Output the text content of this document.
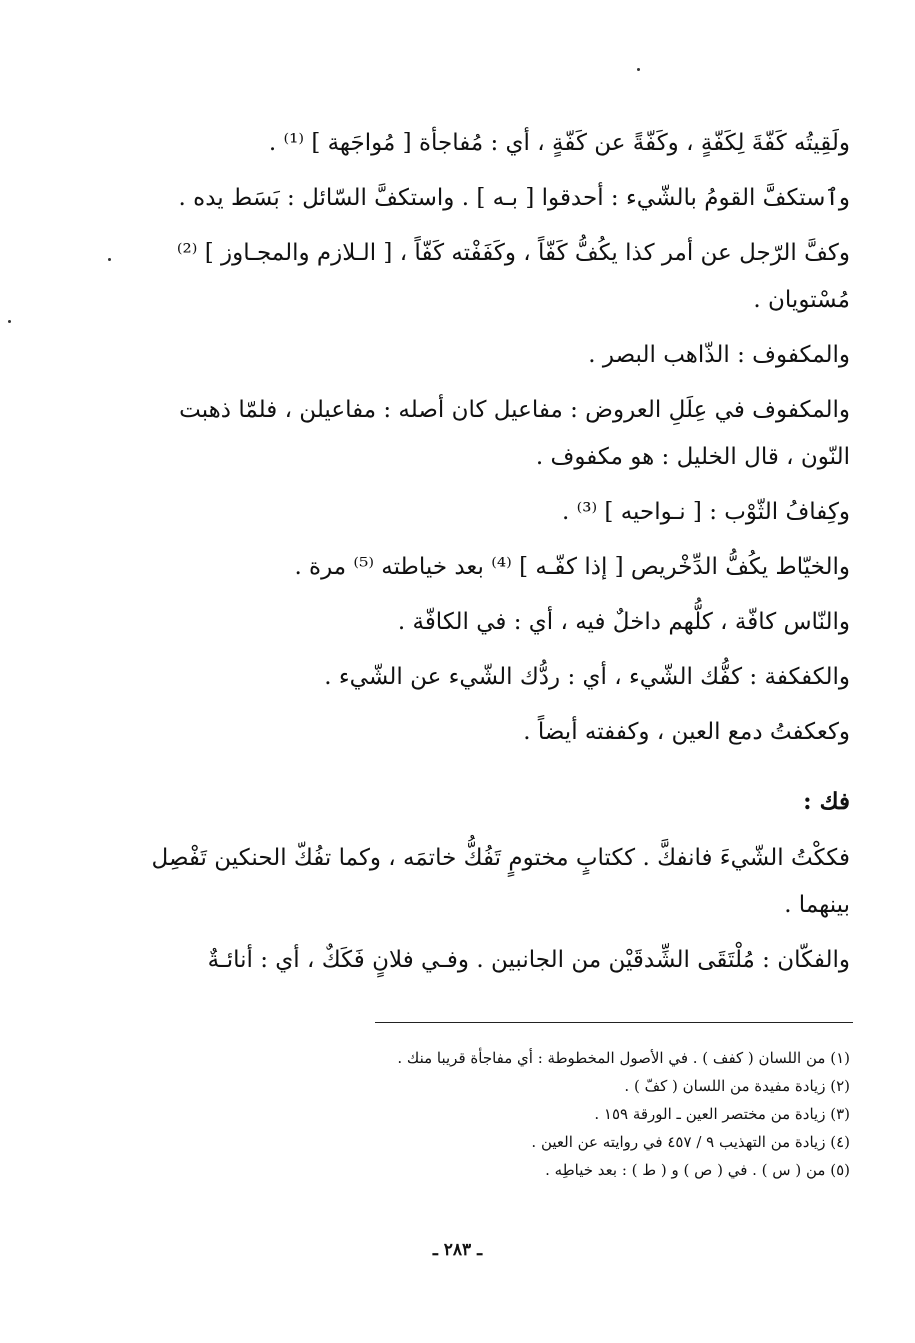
ولَقِيتُه كَفّةَ لِكَفّةٍ ، وكَفّةً عن كَفّةٍ ، أي : مُفاجأة [ مُواجَهة ] ⁽¹⁾ .

وٱستكفَّ القومُ بالشّيء : أحدقوا [ بـه ] . واستكفَّ السّائل : بَسَط يده .

وكفَّ الرّجل عن أمر كذا يكُفُّ كَفّاً ، وكَفَفْته كَفّاً ، [ الـلازم والمجـاوز ] ⁽²⁾ مُسْتويان .

والمكفوف : الذّاهب البصر .

والمكفوف في عِلَلِ العروض : مفاعيل كان أصله : مفاعيلن ، فلمّا ذهبت النّون ، قال الخليل : هو مكفوف .

وكِفافُ الثّوْب : [ نـواحيه ] ⁽³⁾ .

والخيّاط يكُفُّ الدِّخْريص [ إذا كفّـه ] ⁽⁴⁾ بعد خياطته ⁽⁵⁾ مرة .

والنّاس كافّة ، كلُّهم داخلٌ فيه ، أي : في الكافّة .

والكفكفة : كفُّك الشّيء ، أي : ردُّك الشّيء عن الشّيء .

وكعكفتُ دمع العين ، وكففته أيضاً .

فك :

فككْتُ الشّيءَ فانفكَّ . ككتابٍ مختومٍ تَفُكُّ خاتمَه ، وكما تفُكّ الحنكين تَفْصِل بينهما .

والفكّان : مُلْتَقَى الشِّدقَيْن من الجانبين . وفـي فلانٍ فَكَكٌ ، أي : أنائـةٌ

(١) من اللسان ( كفف ) . في الأصول المخطوطة : أي مفاجأة قريبا منك .

(٢) زيادة مفيدة من اللسان ( كفّ ) .

(٣) زيادة من مختصر العين ـ الورقة ١٥٩ .

(٤) زيادة من التهذيب ٩ / ٤٥٧ في روايته عن العين .

(٥) من ( س ) . في ( ص ) و ( ط ) : بعد خياطِه .

ـ ٢٨٣ ـ
